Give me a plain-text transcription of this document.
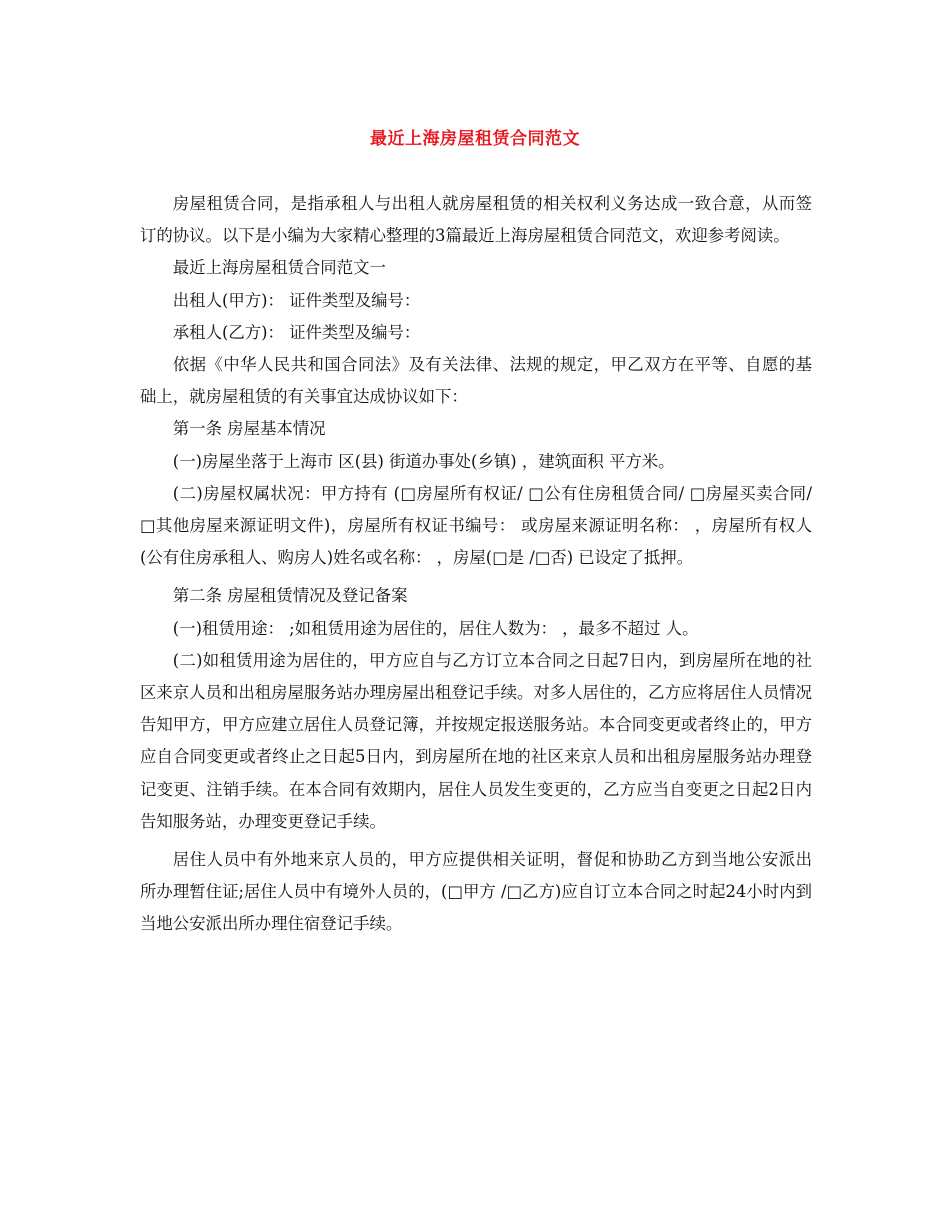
最近上海房屋租赁合同范文

房屋租赁合同，是指承租人与出租人就房屋租赁的相关权利义务达成一致合意，从而签订的协议。以下是小编为大家精心整理的3篇最近上海房屋租赁合同范文，欢迎参考阅读。

最近上海房屋租赁合同范文一

出租人(甲方)： 证件类型及编号：

承租人(乙方)： 证件类型及编号：

依据《中华人民共和国合同法》及有关法律、法规的规定，甲乙双方在平等、自愿的基础上，就房屋租赁的有关事宜达成协议如下：

第一条 房屋基本情况

(一)房屋坐落于上海市 区(县) 街道办事处(乡镇) ，建筑面积 平方米。

(二)房屋权属状况：甲方持有 (□房屋所有权证/ □公有住房租赁合同/ □房屋买卖合同/ □其他房屋来源证明文件)，房屋所有权证书编号： 或房屋来源证明名称： ，房屋所有权人(公有住房承租人、购房人)姓名或名称： ，房屋(□是 /□否) 已设定了抵押。

第二条 房屋租赁情况及登记备案

(一)租赁用途： ;如租赁用途为居住的，居住人数为： ，最多不超过 人。

(二)如租赁用途为居住的，甲方应自与乙方订立本合同之日起7日内，到房屋所在地的社区来京人员和出租房屋服务站办理房屋出租登记手续。对多人居住的，乙方应将居住人员情况告知甲方，甲方应建立居住人员登记簿，并按规定报送服务站。本合同变更或者终止的，甲方应自合同变更或者终止之日起5日内，到房屋所在地的社区来京人员和出租房屋服务站办理登记变更、注销手续。在本合同有效期内，居住人员发生变更的，乙方应当自变更之日起2日内告知服务站，办理变更登记手续。

居住人员中有外地来京人员的，甲方应提供相关证明，督促和协助乙方到当地公安派出所办理暂住证;居住人员中有境外人员的，(□甲方 /□乙方)应自订立本合同之时起24小时内到当地公安派出所办理住宿登记手续。
